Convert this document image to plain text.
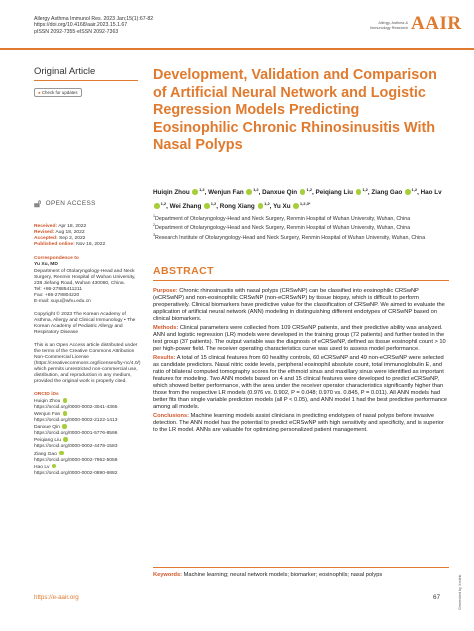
Allergy Asthma Immunol Res. 2023 Jan;15(1):67-82
https://doi.org/10.4168/aair.2023.15.1.67
pISSN 2092-7355·eISSN 2092-7363
Allergy, Asthma &
Immunology Research AAIR
Original Article
● Check for updates
🔓︎ OPEN ACCESS
Received: Apr 18, 2022
Revised: Aug 18, 2022
Accepted: Sep 2, 2022
Published online: Nov 16, 2022
Correspondence to
Yu Xu, MD
Department of Otolaryngology-Head and Neck Surgery, Renmin Hospital of Wuhan University, 238 Jiefang Road, Wuhan 430060, China.
Tel: +86-27885411211
Fax: +86-278804220
E-mail: xuyu@whu.edu.cn
Copyright © 2023 The Korean Academy of Asthma, Allergy and Clinical Immunology • The Korean Academy of Pediatric Allergy and Respiratory Disease
This is an Open Access article distributed under the terms of the Creative Commons Attribution Non-Commercial License (https://creativecommons.org/licenses/by-nc/4.0/) which permits unrestricted non-commercial use, distribution, and reproduction in any medium, provided the original work is properly cited.
ORCID iDs
Huiqin Zhou
https://orcid.org/0000-0002-3041-4365
Wenjun Fan
https://orcid.org/0000-0002-2122-1413
Danxue Qin
https://orcid.org/0000-0001-5776-8596
Peiqiang Liu
https://orcid.org/0000-0002-4479-1583
Ziang Gao
https://orcid.org/0000-0002-7952-5058
Hao Lv
https://orcid.org/0000-0002-0890-6882
Development, Validation and Comparison of Artificial Neural Network and Logistic Regression Models Predicting Eosinophilic Chronic Rhinosinusitis With Nasal Polyps
Huiqin Zhou $^{1,2}$, Wenjun Fan $^{1,2}$, Danxue Qin $^{1,2}$, Peiqiang Liu $^{1,2}$, Ziang Gao $^{1,2}$, Hao Lv $^{1,2}$, Wei Zhang $^{1,2}$, Rong Xiang $^{1,2}$, Yu Xu $^{1,2,3*}$
$^1$Department of Otolaryngology-Head and Neck Surgery, Renmin Hospital of Wuhan University, Wuhan, China
$^2$Department of Otolaryngology-Head and Neck Surgery, Renmin Hospital of Wuhan University, Wuhan, China
$^3$Research Institute of Otolaryngology-Head and Neck Surgery, Renmin Hospital of Wuhan University, Wuhan, China
ABSTRACT

Purpose: Chronic rhinosinusitis with nasal polyps (CRSwNP) can be classified into eosinophilic CRSwNP (eCRSwNP) and non-eosinophilic CRSwNP (non-eCRSwNP) by tissue biopsy, which is difficult to perform preoperatively. Clinical biomarkers have predictive value for the classification of CRSwNP. We aimed to evaluate the application of artificial neural network (ANN) modeling in distinguishing different endotypes of CRSwNP based on clinical biomarkers.

Methods: Clinical parameters were collected from 109 CRSwNP patients, and their predictive ability was analyzed. ANN and logistic regression (LR) models were developed in the training group (72 patients) and further tested in the test group (37 patients). The output variable was the diagnosis of eCRSwNP, defined as tissue eosinophil count > 10 per high-power field. The receiver operating characteristics curve was used to assess model performance.

Results: A total of 15 clinical features from 60 healthy controls, 60 eCRSwNP and 49 non-eCRSwNP were selected as candidate predictors. Nasal nitric oxide levels, peripheral eosinophil absolute count, total immunoglobulin E, and ratio of bilateral computed tomography scores for the ethmoid sinus and maxillary sinus were identified as important features for modeling. Two ANN models based on 4 and 15 clinical features were developed to predict eCRSwNP, which showed better performance, with the area under the receiver operator characteristics significantly higher than those from the respective LR models (0.976 vs. 0.902, P = 0.048; 0.970 vs. 0.845, P = 0.011). All ANN models had better fits than single variable prediction models (all P < 0.05), and ANN model 1 had the best predictive performance among all models.

Conclusions: Machine learning models assist clinicians in predicting endotypes of nasal polyps before invasive detection. The ANN model has the potential to predict eCRSwNP with high sensitivity and specificity, and is superior to the LR model. ANNs are valuable for optimizing personalized patient management.

Keywords: Machine learning; neural network models; biomarker; eosinophils; nasal polyps	Generated by Xmlink
https://e-aair.org	67
